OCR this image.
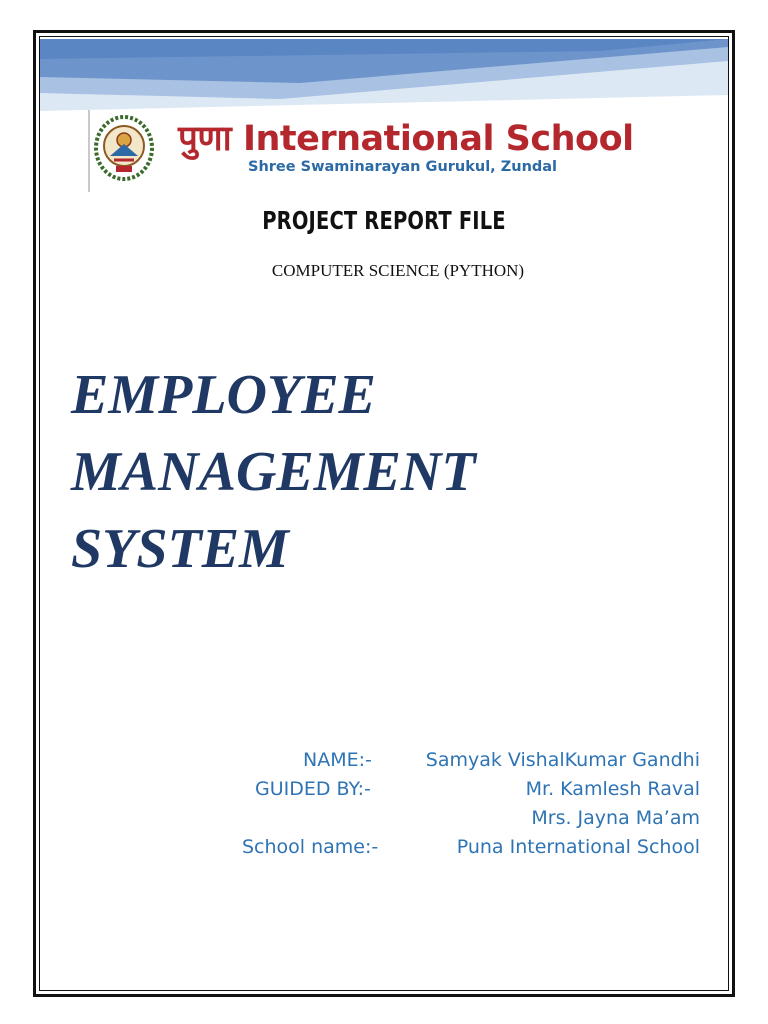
पुणा International School
Shree Swaminarayan Gurukul, Zundal
PROJECT REPORT FILE
COMPUTER SCIENCE (PYTHON)
EMPLOYEE
MANAGEMENT
SYSTEM
NAME:-	Samyak VishalKumar Gandhi
GUIDED BY:-	Mr. Kamlesh Raval
Mrs. Jayna Ma’am
School name:-	Puna International School
